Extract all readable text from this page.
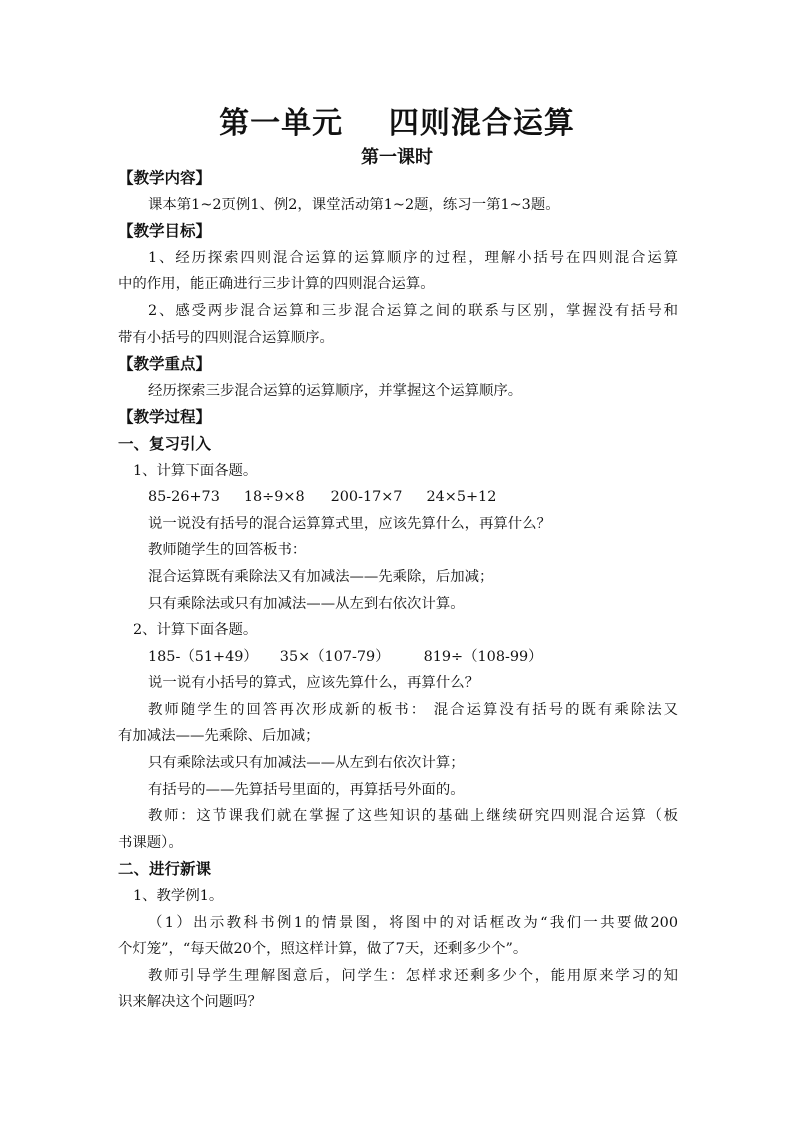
第一单元    四则混合运算
第一课时
【教学内容】
课本第1~2页例1、例2，课堂活动第1~2题，练习一第1~3题。
【教学目标】
1、经历探索四则混合运算的运算顺序的过程，理解小括号在四则混合运算
中的作用，能正确进行三步计算的四则混合运算。
2、感受两步混合运算和三步混合运算之间的联系与区别，掌握没有括号和
带有小括号的四则混合运算顺序。
【教学重点】
经历探索三步混合运算的运算顺序，并掌握这个运算顺序。
【教学过程】
一、复习引入
1、计算下面各题。
85-26+73 18÷9×8 200-17×7 24×5+12
说一说没有括号的混合运算算式里，应该先算什么，再算什么？
教师随学生的回答板书：
混合运算既有乘除法又有加减法——先乘除，后加减；
只有乘除法或只有加减法——从左到右依次计算。
2、计算下面各题。
185-（51+49） 35×（107-79） 819÷（108-99）
说一说有小括号的算式，应该先算什么，再算什么？
教师随学生的回答再次形成新的板书： 混合运算没有括号的既有乘除法又
有加减法——先乘除、后加减；
只有乘除法或只有加减法——从左到右依次计算；
有括号的——先算括号里面的，再算括号外面的。
教师：这节课我们就在掌握了这些知识的基础上继续研究四则混合运算（板
书课题）。
二、进行新课
1、教学例1。
（1）出示教科书例1的情景图，将图中的对话框改为“我们一共要做200
个灯笼”，“每天做20个，照这样计算，做了7天，还剩多少个”。
教师引导学生理解图意后，问学生：怎样求还剩多少个，能用原来学习的知
识来解决这个问题吗？
